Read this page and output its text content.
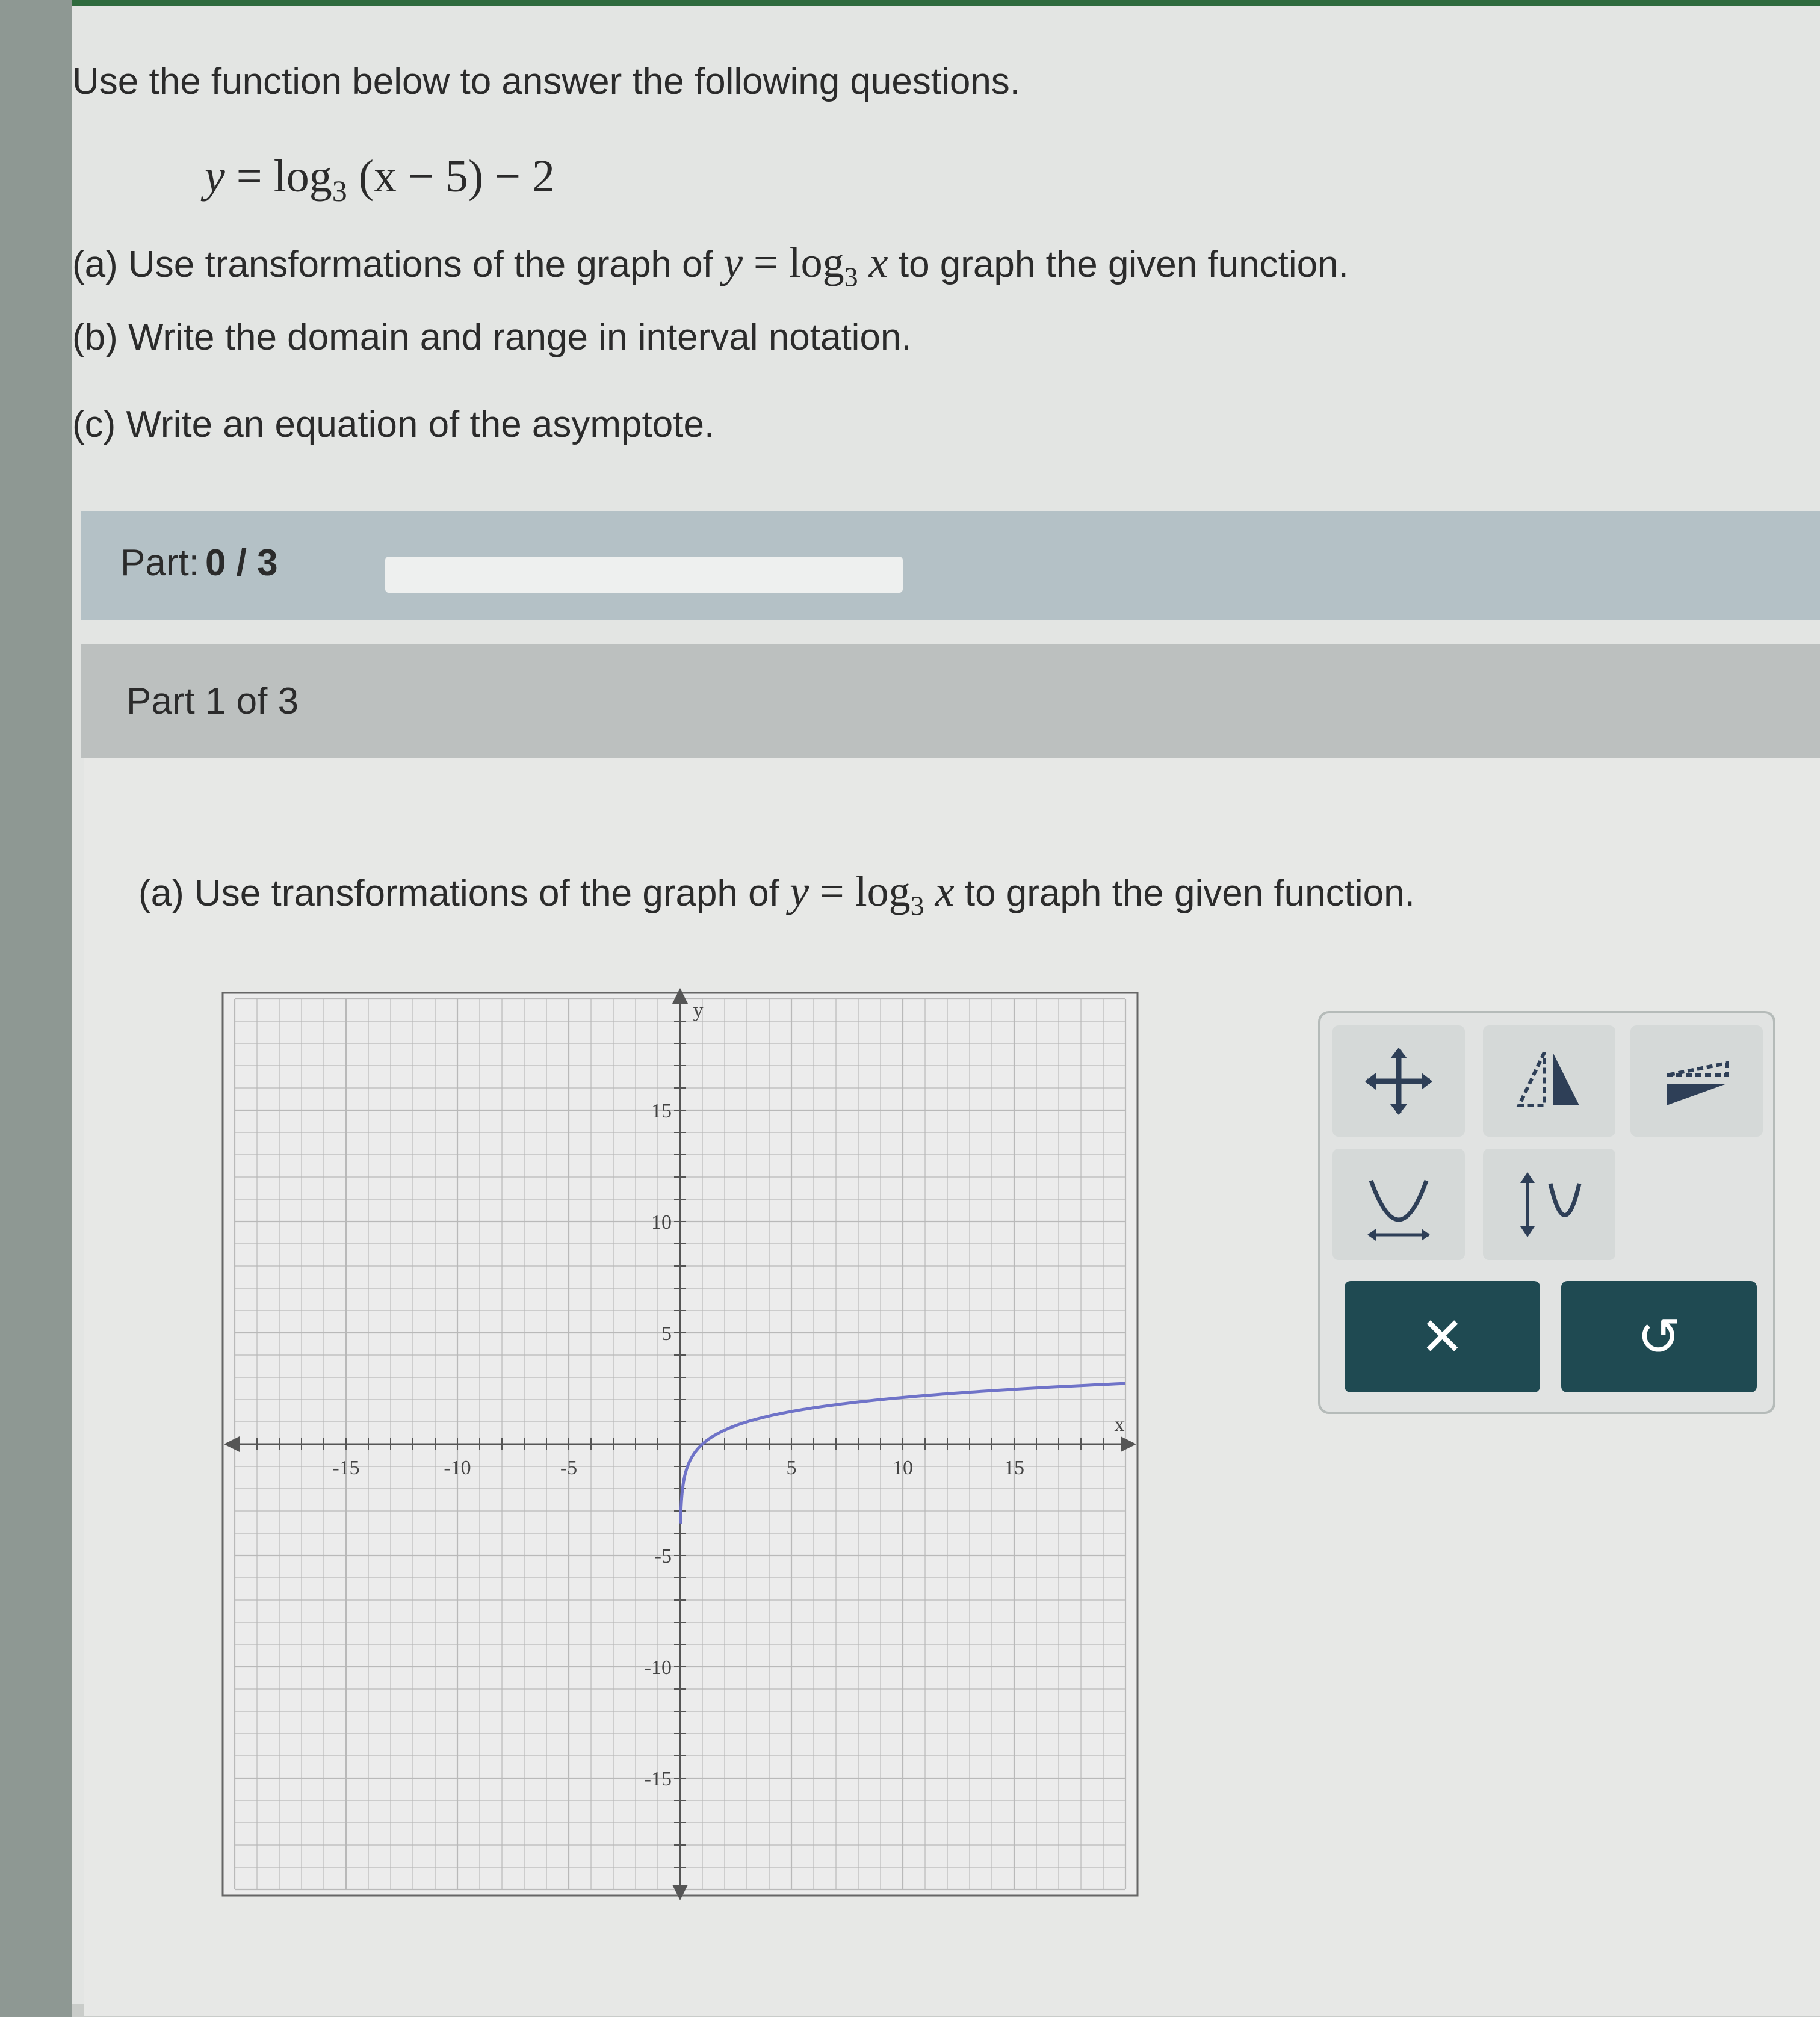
Use the function below to answer the following questions.
$y = \log_3 (x - 5) - 2$
(a) Use transformations of the graph of $y = \log_3 x$ to graph the given function.
(b) Write the domain and range in interval notation.
(c) Write an equation of the asymptote.
Part: 0 / 3
Part 1 of 3
(a) Use transformations of the graph of $y = \log_3 x$ to graph the given function.
-15	-10	-5	5	10	15
15
10
5
-5
-10
-15
x
y
✕	↺
